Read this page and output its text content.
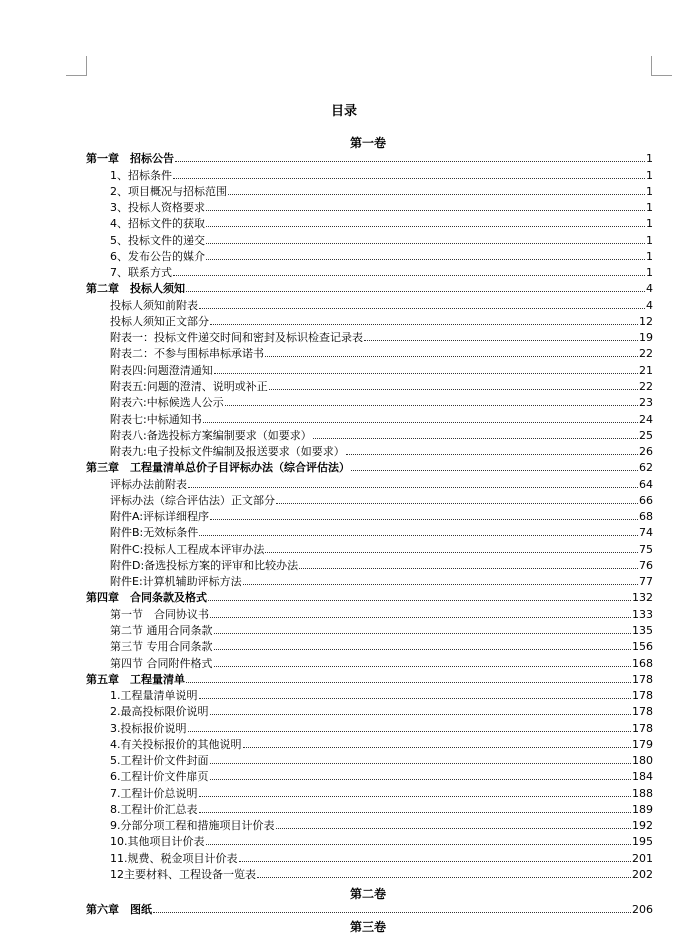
目录
第一卷
第一章　招标公告	1
1、招标条件	1
2、项目概况与招标范围	1
3、投标人资格要求	1
4、招标文件的获取	1
5、投标文件的递交	1
6、发布公告的媒介	1
7、联系方式	1
第二章　投标人须知	4
投标人须知前附表	4
投标人须知正文部分	12
附表一：投标文件递交时间和密封及标识检查记录表	19
附表二：不参与围标串标承诺书	22
附表四:问题澄清通知	21
附表五:问题的澄清、说明或补正	22
附表六:中标候选人公示	23
附表七:中标通知书	24
附表八:备选投标方案编制要求（如要求）	25
附表九:电子投标文件编制及报送要求（如要求）	26
第三章　工程量清单总价子目评标办法（综合评估法）	62
评标办法前附表	64
评标办法（综合评估法）正文部分	66
附件A:评标详细程序	68
附件B:无效标条件	74
附件C:投标人工程成本评审办法	75
附件D:备选投标方案的评审和比较办法	76
附件E:计算机辅助评标方法	77
第四章　合同条款及格式	132
第一节　合同协议书	133
第二节 通用合同条款	135
第三节 专用合同条款	156
第四节 合同附件格式	168
第五章　工程量清单	178
1.工程量清单说明	178
2.最高投标限价说明	178
3.投标报价说明	178
4.有关投标报价的其他说明	179
5.工程计价文件封面	180
6.工程计价文件扉页	184
7.工程计价总说明	188
8.工程计价汇总表	189
9.分部分项工程和措施项目计价表	192
10.其他项目计价表	195
11.规费、税金项目计价表	201
12主要材料、工程设备一览表	202
第二卷
第六章　图纸	206
第三卷
